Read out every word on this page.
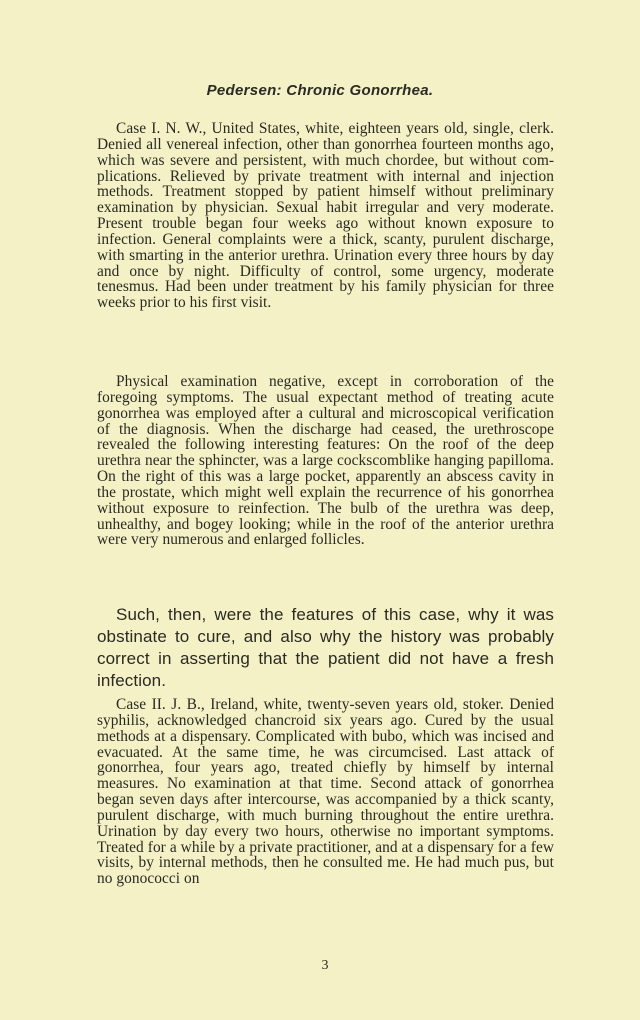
Pedersen: Chronic Gonorrhea.

Case I. N. W., United States, white, eighteen years old, single, clerk. Denied all venereal infection, other than gonorrhea fourteen months ago, which was severe and persistent, with much chordee, but without complications. Relieved by private treatment with internal and injection methods. Treatment stopped by patient himself without preliminary examination by physician. Sexual habit irregular and very moderate. Present trouble began four weeks ago without known exposure to infection. General complaints were a thick, scanty, purulent discharge, with smarting in the anterior urethra. Urination every three hours by day and once by night. Difficulty of control, some urgency, moderate tenesmus. Had been under treatment by his family physician for three weeks prior to his first visit.

Physical examination negative, except in corroboration of the foregoing symptoms. The usual expectant method of treating acute gonorrhea was employed after a cultural and microscopical verification of the diagnosis. When the discharge had ceased, the urethroscope revealed the following interesting features: On the roof of the deep urethra near the sphincter, was a large cockscomblike hanging papilloma. On the right of this was a large pocket, apparently an abscess cavity in the prostate, which might well explain the recurrence of his gonorrhea without exposure to reinfection. The bulb of the urethra was deep, unhealthy, and bogey looking; while in the roof of the anterior urethra were very numerous and enlarged follicles.

Such, then, were the features of this case, why it was obstinate to cure, and also why the history was probably correct in asserting that the patient did not have a fresh infection.

Case II. J. B., Ireland, white, twenty-seven years old, stoker. Denied syphilis, acknowledged chancroid six years ago. Cured by the usual methods at a dispensary. Complicated with bubo, which was incised and evacuated. At the same time, he was circumcised. Last attack of gonorrhea, four years ago, treated chiefly by himself by internal measures. No examination at that time. Second attack of gonorrhea began seven days after intercourse, was accompanied by a thick scanty, purulent discharge, with much burning throughout the entire urethra. Urination by day every two hours, otherwise no important symptoms. Treated for a while by a private practitioner, and at a dispensary for a few visits, by internal methods, then he consulted me. He had much pus, but no gonococci on

3
